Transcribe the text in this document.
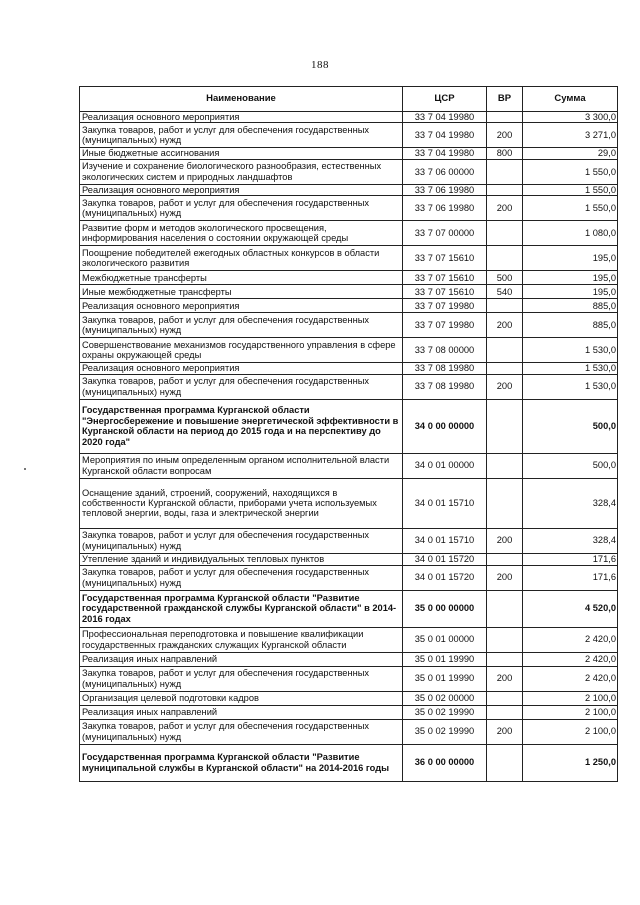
188
Наименование	ЦСР	ВР	Сумма
Реализация основного мероприятия	33 7 04 19980		3 300,0
Закупка товаров, работ и услуг для обеспечения государственных (муниципальных) нужд	33 7 04 19980	200	3 271,0
Иные бюджетные ассигнования	33 7 04 19980	800	29,0
Изучение и сохранение биологического разнообразия, естественных экологических систем и природных ландшафтов	33 7 06 00000		1 550,0
Реализация основного мероприятия	33 7 06 19980		1 550,0
Закупка товаров, работ и услуг для обеспечения государственных (муниципальных) нужд	33 7 06 19980	200	1 550,0
Развитие форм и методов экологического просвещения, информирования населения о состоянии окружающей среды	33 7 07 00000		1 080,0
Поощрение победителей ежегодных областных конкурсов в области экологического развития	33 7 07 15610		195,0
Межбюджетные трансферты	33 7 07 15610	500	195,0
Иные межбюджетные трансферты	33 7 07 15610	540	195,0
Реализация основного мероприятия	33 7 07 19980		885,0
Закупка товаров, работ и услуг для обеспечения государственных (муниципальных) нужд	33 7 07 19980	200	885,0
Совершенствование механизмов государственного управления в сфере охраны окружающей среды	33 7 08 00000		1 530,0
Реализация основного мероприятия	33 7 08 19980		1 530,0
Закупка товаров, работ и услуг для обеспечения государственных (муниципальных) нужд	33 7 08 19980	200	1 530,0
Государственная программа Курганской области "Энергосбережение и повышение энергетической эффективности в Курганской области на период до 2015 года и на перспективу до 2020 года"	34 0 00 00000		500,0
Мероприятия по иным определенным органом исполнительной власти Курганской области вопросам	34 0 01 00000		500,0
Оснащение зданий, строений, сооружений, находящихся в собственности Курганской области, приборами учета используемых тепловой энергии, воды, газа и электрической энергии	34 0 01 15710		328,4
Закупка товаров, работ и услуг для обеспечения государственных (муниципальных) нужд	34 0 01 15710	200	328,4
Утепление зданий и индивидуальных тепловых пунктов	34 0 01 15720		171,6
Закупка товаров, работ и услуг для обеспечения государственных (муниципальных) нужд	34 0 01 15720	200	171,6
Государственная программа Курганской области "Развитие государственной гражданской службы Курганской области" в 2014-2016 годах	35 0 00 00000		4 520,0
Профессиональная переподготовка и повышение квалификации государственных гражданских служащих Курганской области	35 0 01 00000		2 420,0
Реализация иных направлений	35 0 01 19990		2 420,0
Закупка товаров, работ и услуг для обеспечения государственных (муниципальных) нужд	35 0 01 19990	200	2 420,0
Организация целевой подготовки кадров	35 0 02 00000		2 100,0
Реализация иных направлений	35 0 02 19990		2 100,0
Закупка товаров, работ и услуг для обеспечения государственных (муниципальных) нужд	35 0 02 19990	200	2 100,0
Государственная программа Курганской области "Развитие муниципальной службы в Курганской области" на 2014-2016 годы	36 0 00 00000		1 250,0
